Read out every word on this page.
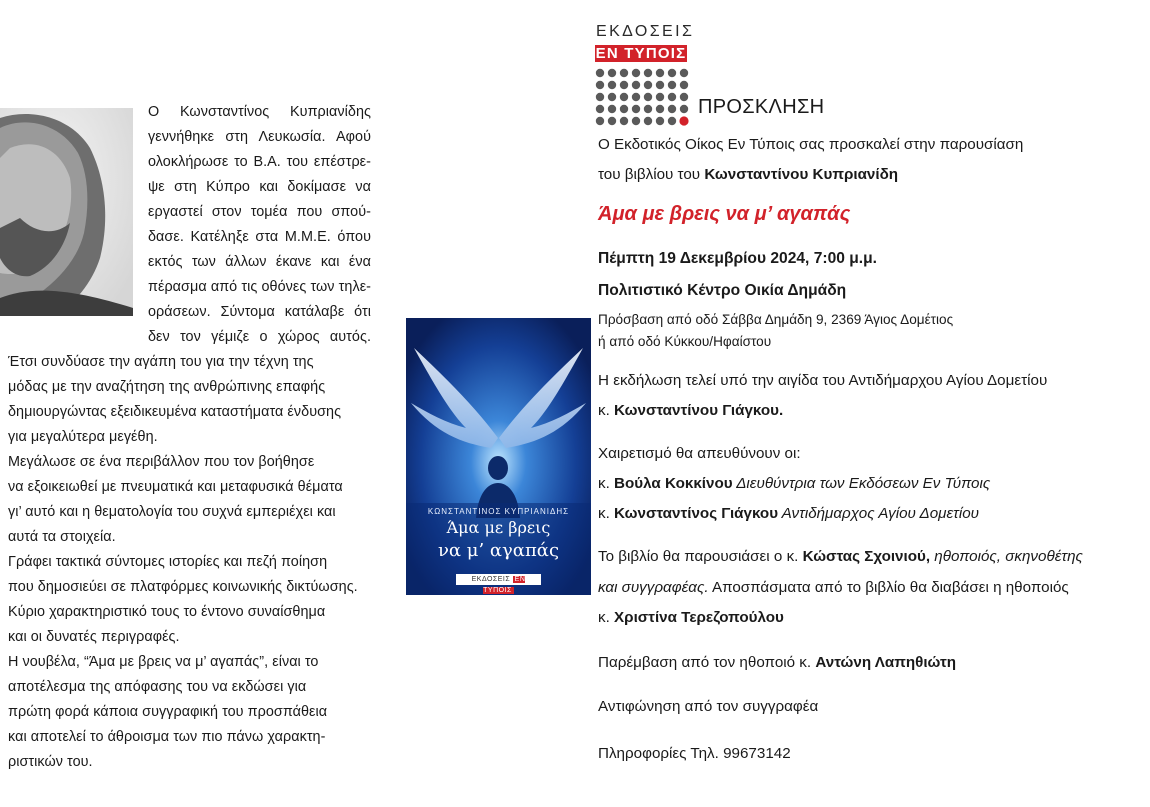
Ο Κωνσταντίνος Κυπριανίδης
γεννήθηκε στη Λευκωσία. Αφού
ολοκλήρωσε το Β.Α. του επέστρε-
ψε στη Κύπρο και δοκίμασε να
εργαστεί στον τομέα που σπού-
δασε. Κατέληξε στα Μ.Μ.Ε. όπου
εκτός των άλλων έκανε και ένα
πέρασμα από τις οθόνες των τηλε-
οράσεων. Σύντομα κατάλαβε ότι
δεν τον γέμιζε ο χώρος αυτός.
Έτσι συνδύασε την αγάπη του για την τέχνη της
μόδας με την αναζήτηση της ανθρώπινης επαφής
δημιουργώντας εξειδικευμένα καταστήματα ένδυσης
για μεγαλύτερα μεγέθη.
Μεγάλωσε σε ένα περιβάλλον που τον βοήθησε
να εξοικειωθεί με πνευματικά και μεταφυσικά θέματα
γι’ αυτό και η θεματολογία του συχνά εμπεριέχει και
αυτά τα στοιχεία.
Γράφει τακτικά σύντομες ιστορίες και πεζή ποίηση
που δημοσιεύει σε πλατφόρμες κοινωνικής δικτύωσης.
Κύριο χαρακτηριστικό τους το έντονο συναίσθημα
και οι δυνατές περιγραφές.
Η νουβέλα, “Άμα με βρεις να μ’ αγαπάς”, είναι το
αποτέλεσμα της απόφασης του να εκδώσει για
πρώτη φορά κάποια συγγραφική του προσπάθεια
και αποτελεί το άθροισμα των πιο πάνω χαρακτη-
ριστικών του.
ΚΩΝΣΤΑΝΤΙΝΟΣ ΚΥΠΡΙΑΝΙΔΗΣ
Άμα με βρεις
να μ’ αγαπάς
ΕΚΔΟΣΕΙΣ ΕΝ ΤΥΠΟΙΣ
ΕΚΔΟΣΕΙΣ
ΕΝ ΤΥΠΟΙΣ
ΠΡΟΣΚΛΗΣΗ
Ο Εκδοτικός Οίκος Εν Τύποις σας προσκαλεί στην παρουσίαση
του βιβλίου του Κωνσταντίνου Κυπριανίδη
Άμα με βρεις να μ’ αγαπάς
Πέμπτη 19 Δεκεμβρίου 2024, 7:00 μ.μ.
Πολιτιστικό Κέντρο Οικία Δημάδη
Πρόσβαση από οδό Σάββα Δημάδη 9, 2369 Άγιος Δομέτιος
ή από οδό Κύκκου/Ηφαίστου
Η εκδήλωση τελεί υπό την αιγίδα του Αντιδήμαρχου Αγίου Δομετίου
κ. Κωνσταντίνου Γιάγκου.
Χαιρετισμό θα απευθύνουν οι:
κ. Βούλα Κοκκίνου Διευθύντρια των Εκδόσεων Εν Τύποις
κ. Κωνσταντίνος Γιάγκου Αντιδήμαρχος Αγίου Δομετίου
Το βιβλίο θα παρουσιάσει ο κ. Κώστας Σχοινιού, ηθοποιός, σκηνοθέτης
και συγγραφέας. Αποσπάσματα από το βιβλίο θα διαβάσει η ηθοποιός
κ. Χριστίνα Τερεζοπούλου
Παρέμβαση από τον ηθοποιό κ. Αντώνη Λαπηθιώτη
Αντιφώνηση από τον συγγραφέα
Πληροφορίες Τηλ. 99673142
